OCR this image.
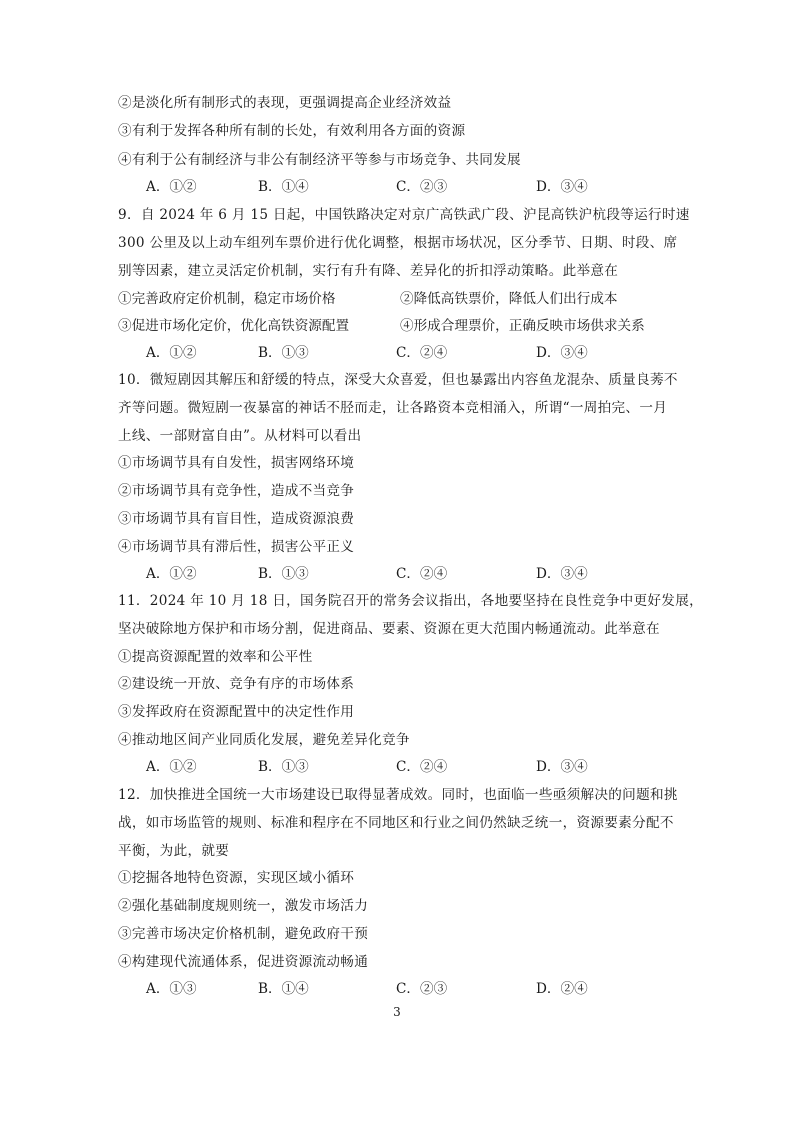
②是淡化所有制形式的表现，更强调提高企业经济效益
③有利于发挥各种所有制的长处，有效利用各方面的资源
④有利于公有制经济与非公有制经济平等参与市场竞争、共同发展
A．①②	B．①④	C．②③	D．③④
9．自 2024 年 6 月 15 日起，中国铁路决定对京广高铁武广段、沪昆高铁沪杭段等运行时速
300 公里及以上动车组列车票价进行优化调整，根据市场状况，区分季节、日期、时段、席
别等因素，建立灵活定价机制，实行有升有降、差异化的折扣浮动策略。此举意在
①完善政府定价机制，稳定市场价格	②降低高铁票价，降低人们出行成本
③促进市场化定价，优化高铁资源配置	④形成合理票价，正确反映市场供求关系
A．①②	B．①③	C．②④	D．③④
10．微短剧因其解压和舒缓的特点，深受大众喜爱，但也暴露出内容鱼龙混杂、质量良莠不
齐等问题。微短剧一夜暴富的神话不胫而走，让各路资本竞相涌入，所谓“一周拍完、一月
上线、一部财富自由”。从材料可以看出
①市场调节具有自发性，损害网络环境
②市场调节具有竞争性，造成不当竞争
③市场调节具有盲目性，造成资源浪费
④市场调节具有滞后性，损害公平正义
A．①②	B．①③	C．②④	D．③④
11．2024 年 10 月 18 日，国务院召开的常务会议指出，各地要坚持在良性竞争中更好发展，
坚决破除地方保护和市场分割，促进商品、要素、资源在更大范围内畅通流动。此举意在
①提高资源配置的效率和公平性
②建设统一开放、竞争有序的市场体系
③发挥政府在资源配置中的决定性作用
④推动地区间产业同质化发展，避免差异化竞争
A．①②	B．①③	C．②④	D．③④
12．加快推进全国统一大市场建设已取得显著成效。同时，也面临一些亟须解决的问题和挑
战，如市场监管的规则、标准和程序在不同地区和行业之间仍然缺乏统一，资源要素分配不
平衡，为此，就要
①挖掘各地特色资源，实现区域小循环
②强化基础制度规则统一，激发市场活力
③完善市场决定价格机制，避免政府干预
④构建现代流通体系，促进资源流动畅通
A．①③	B．①④	C．②③	D．②④
3
